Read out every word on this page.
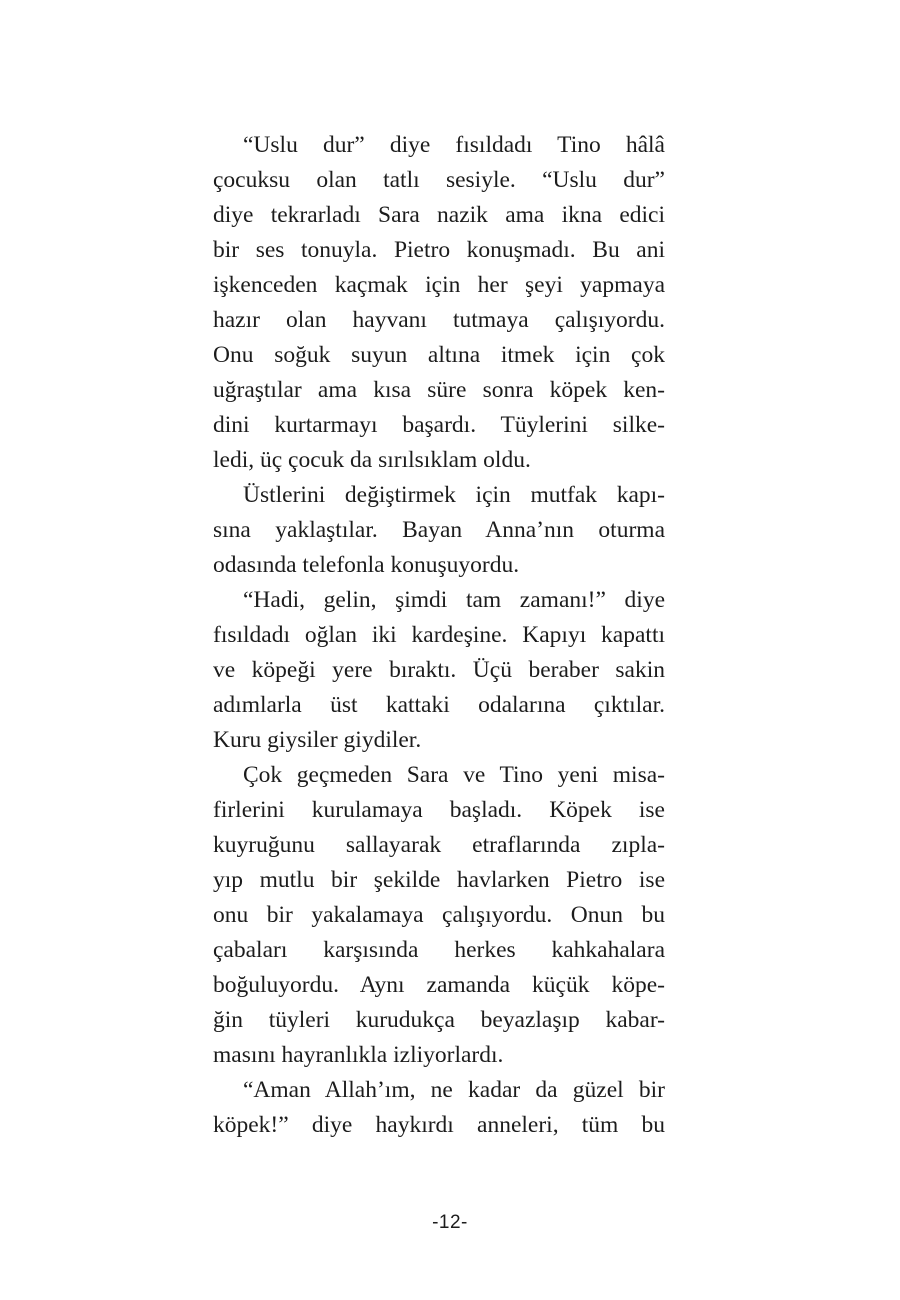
“Uslu dur” diye fısıldadı Tino hâlâ
çocuksu olan tatlı sesiyle. “Uslu dur”
diye tekrarladı Sara nazik ama ikna edici
bir ses tonuyla. Pietro konuşmadı. Bu ani
işkenceden kaçmak için her şeyi yapmaya
hazır olan hayvanı tutmaya çalışıyordu.
Onu soğuk suyun altına itmek için çok
uğraştılar ama kısa süre sonra köpek ken-
dini kurtarmayı başardı. Tüylerini silke-
ledi, üç çocuk da sırılsıklam oldu.
Üstlerini değiştirmek için mutfak kapı-
sına yaklaştılar. Bayan Anna’nın oturma
odasında telefonla konuşuyordu.
“Hadi, gelin, şimdi tam zamanı!” diye
fısıldadı oğlan iki kardeşine. Kapıyı kapattı
ve köpeği yere bıraktı. Üçü beraber sakin
adımlarla üst kattaki odalarına çıktılar.
Kuru giysiler giydiler.
Çok geçmeden Sara ve Tino yeni misa-
firlerini kurulamaya başladı. Köpek ise
kuyruğunu sallayarak etraflarında zıpla-
yıp mutlu bir şekilde havlarken Pietro ise
onu bir yakalamaya çalışıyordu. Onun bu
çabaları karşısında herkes kahkahalara
boğuluyordu. Aynı zamanda küçük köpe-
ğin tüyleri kurudukça beyazlaşıp kabar-
masını hayranlıkla izliyorlardı.
“Aman Allah’ım, ne kadar da güzel bir
köpek!” diye haykırdı anneleri, tüm bu
-12-
